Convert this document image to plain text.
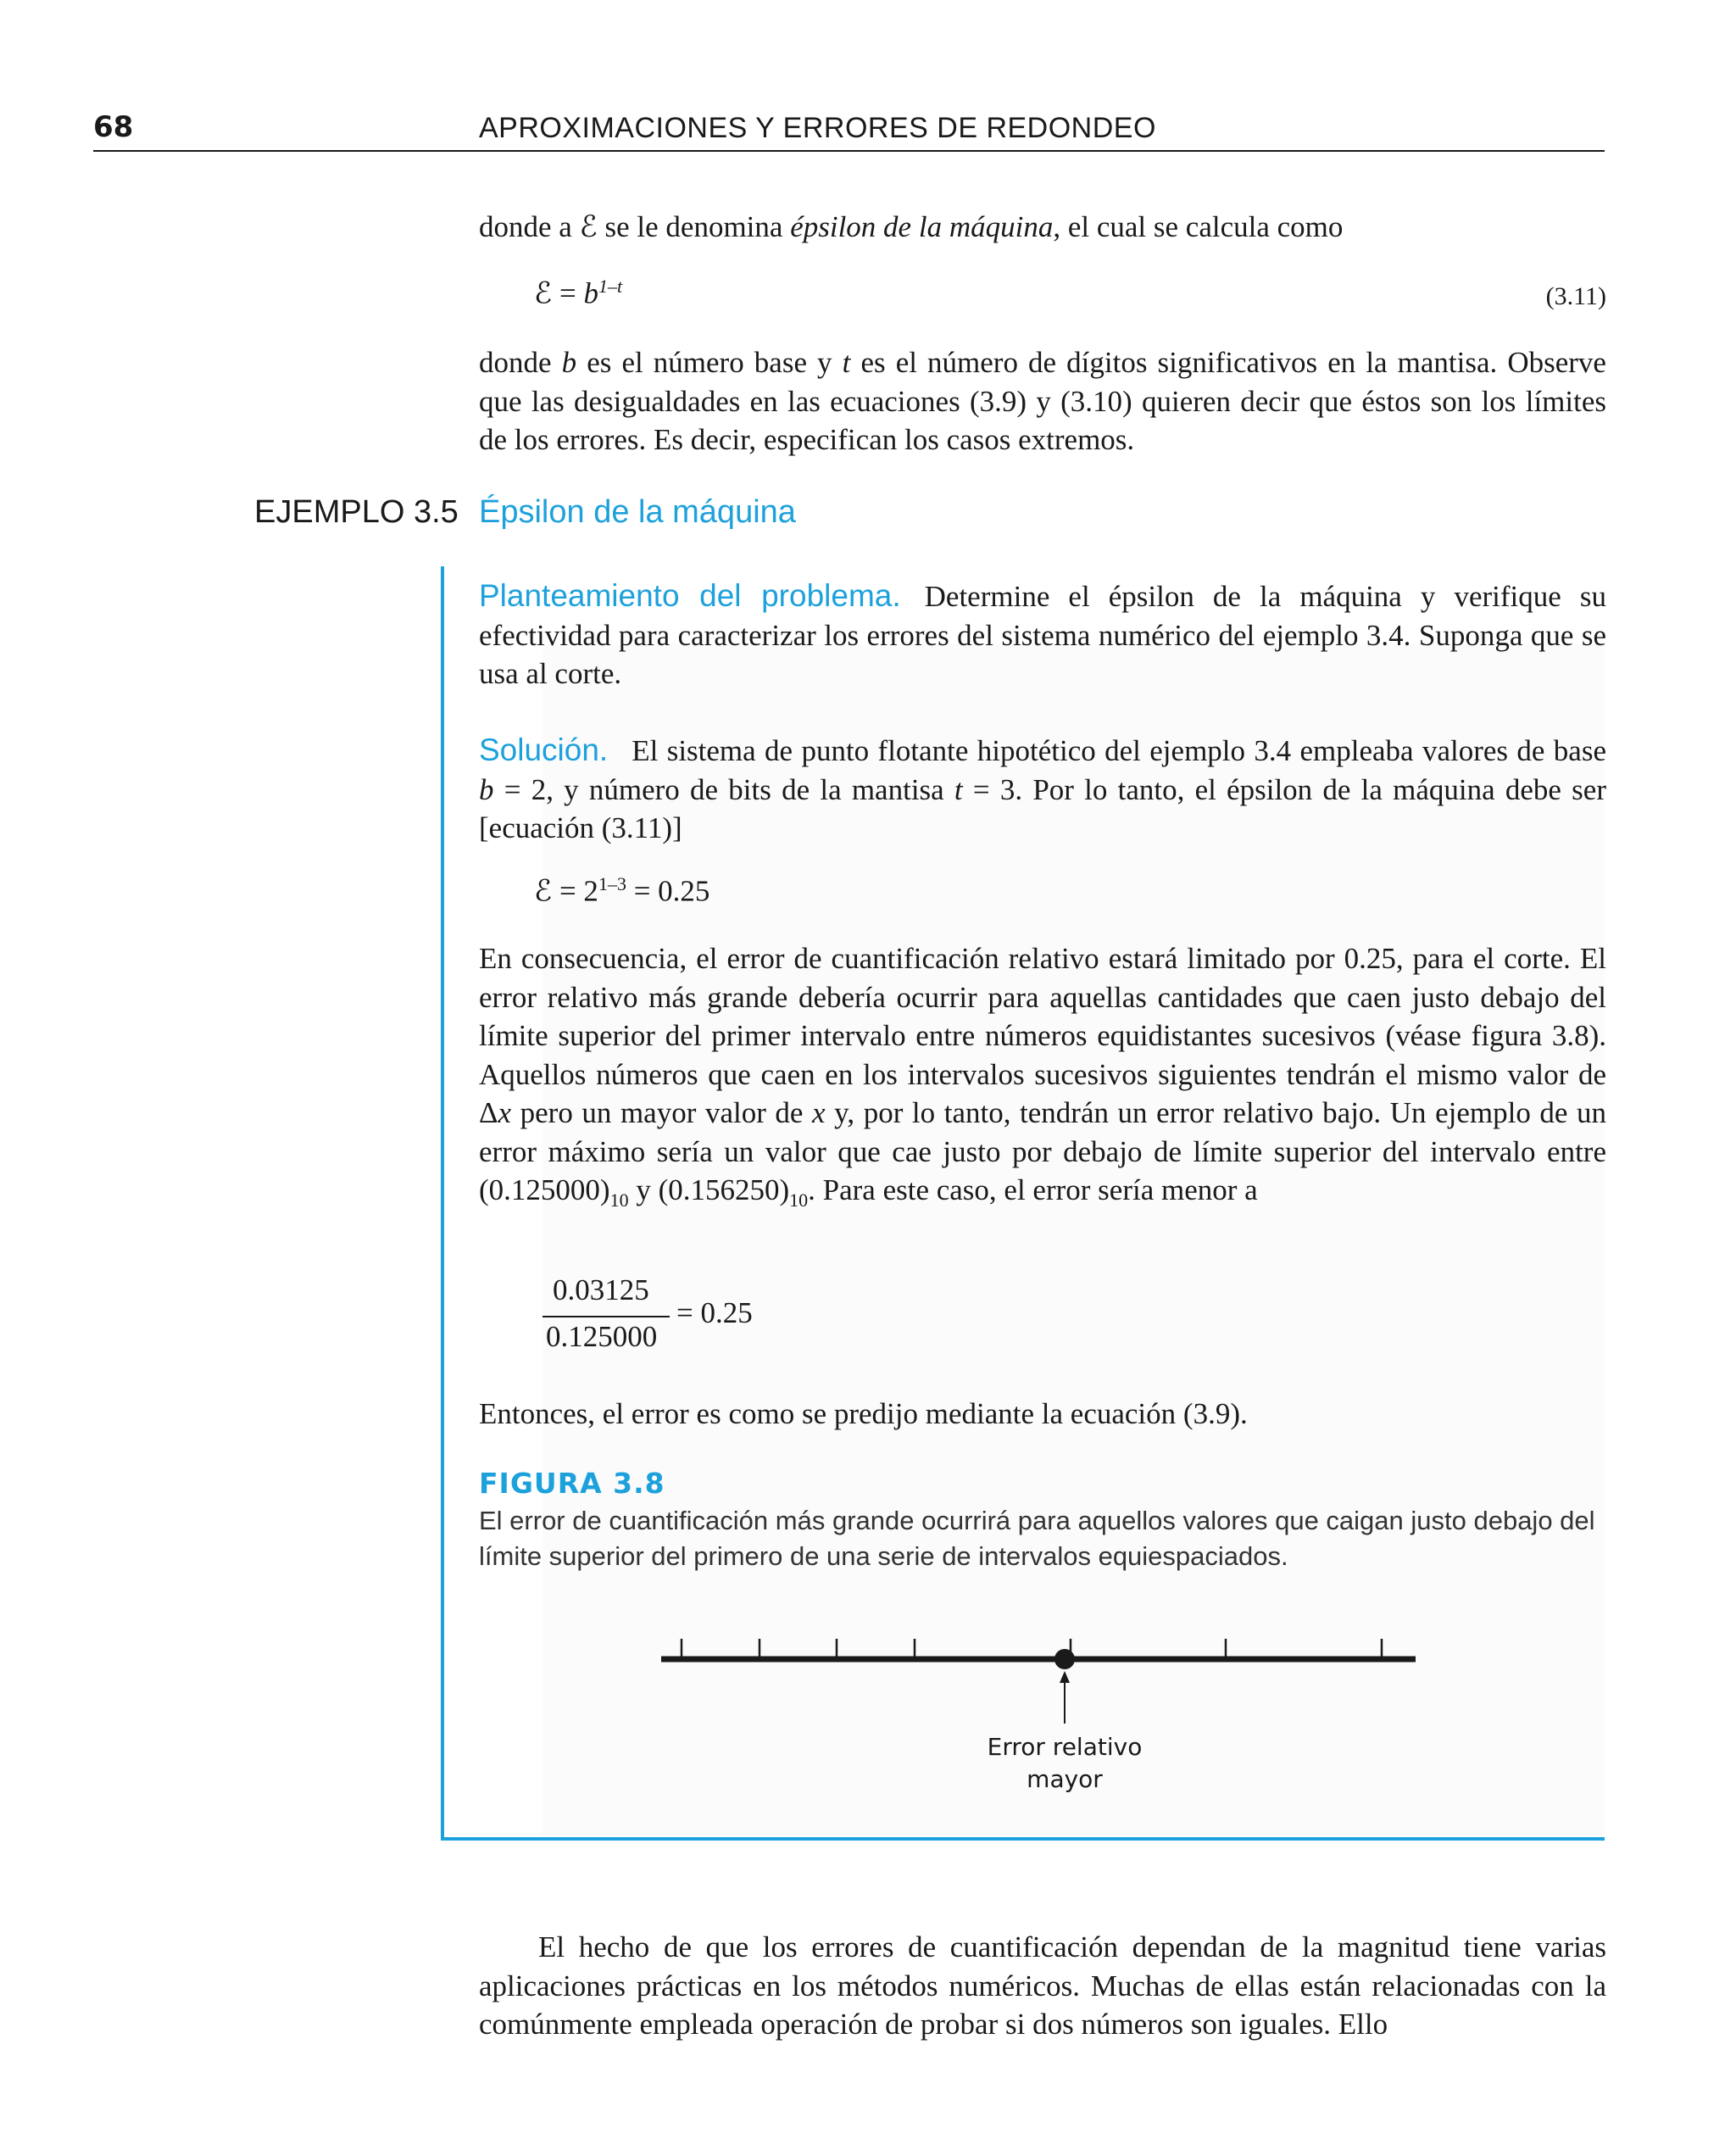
68	APROXIMACIONES Y ERRORES DE REDONDEO
donde a ℰ se le denomina épsilon de la máquina, el cual se calcula como
ℰ = $b^{1-t}$	(3.11)
donde b es el número base y t es el número de dígitos significativos en la mantisa. Observe que las desigualdades en las ecuaciones (3.9) y (3.10) quieren decir que éstos son los límites de los errores. Es decir, especifican los casos extremos.
EJEMPLO 3.5 Épsilon de la máquina
Planteamiento del problema. Determine el épsilon de la máquina y verifique su efectividad para caracterizar los errores del sistema numérico del ejemplo 3.4. Suponga que se usa al corte.
Solución. El sistema de punto flotante hipotético del ejemplo 3.4 empleaba valores de base b = 2, y número de bits de la mantisa t = 3. Por lo tanto, el épsilon de la máquina debe ser [ecuación (3.11)]
ℰ = $2^{1-3} = 0.25$
En consecuencia, el error de cuantificación relativo estará limitado por 0.25, para el corte. El error relativo más grande debería ocurrir para aquellas cantidades que caen justo debajo del límite superior del primer intervalo entre números equidistantes sucesivos (véase figura 3.8). Aquellos números que caen en los intervalos sucesivos siguientes tendrán el mismo valor de Δx pero un mayor valor de x y, por lo tanto, tendrán un error relativo bajo. Un ejemplo de un error máximo sería un valor que cae justo por debajo de límite superior del intervalo entre $(0.125000)_{10}$ y $(0.156250)_{10}$. Para este caso, el error sería menor a
0.03125
0.125000
= 0.25
Entonces, el error es como se predijo mediante la ecuación (3.9).
FIGURA 3.8
El error de cuantificación más grande ocurrirá para aquellos valores que caigan justo debajo del límite superior del primero de una serie de intervalos equiespaciados.
Error relativo
mayor
El hecho de que los errores de cuantificación dependan de la magnitud tiene varias aplicaciones prácticas en los métodos numéricos. Muchas de ellas están relacionadas con la comúnmente empleada operación de probar si dos números son iguales. Ello
